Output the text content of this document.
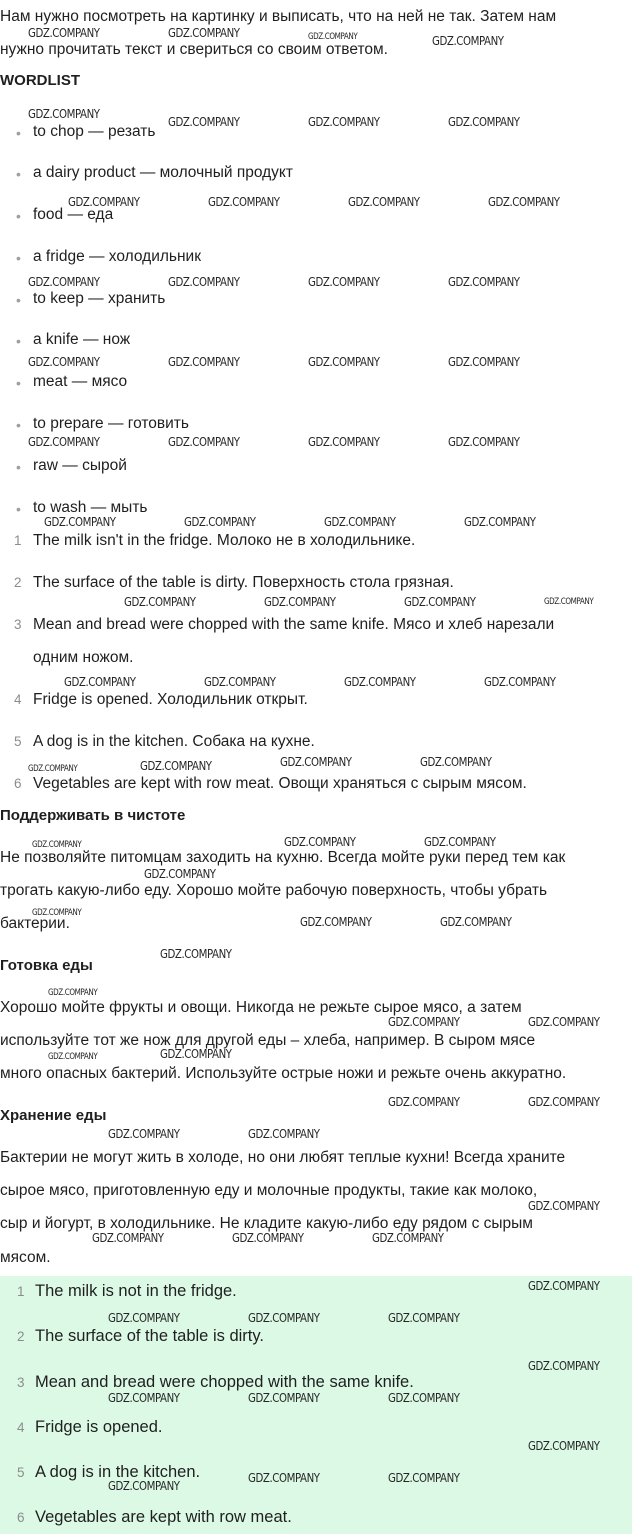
Нам нужно посмотреть на картинку и выписать, что на ней не так. Затем нам
нужно прочитать текст и свериться со своим ответом.
WORDLIST
• to chop — резать
• a dairy product — молочный продукт
• food — еда
• a fridge — холодильник
• to keep — хранить
• a knife — нож
• meat — мясо
• to prepare — готовить
• raw — сырой
• to wash — мыть
1 The milk isn't in the fridge. Молоко не в холодильнике.
2 The surface of the table is dirty. Поверхность стола грязная.
3 Mean and bread were chopped with the same knife. Мясо и хлеб нарезали
одним ножом.
4 Fridge is opened. Холодильник открыт.
5 A dog is in the kitchen. Собака на кухне.
6 Vegetables are kept with row meat. Овощи храняться с сырым мясом.
Поддерживать в чистоте
Не позволяйте питомцам заходить на кухню. Всегда мойте руки перед тем как
трогать какую-либо еду. Хорошо мойте рабочую поверхность, чтобы убрать
бактерии.
Готовка еды
Хорошо мойте фрукты и овощи. Никогда не режьте сырое мясо, а затем
используйте тот же нож для другой еды – хлеба, например. В сыром мясе
много опасных бактерий. Используйте острые ножи и режьте очень аккуратно.
Хранение еды
Бактерии не могут жить в холоде, но они любят теплые кухни! Всегда храните
сырое мясо, приготовленную еду и молочные продукты, такие как молоко,
сыр и йогурт, в холодильнике. Не кладите какую-либо еду рядом с сырым
мясом.
1 The milk is not in the fridge.
2 The surface of the table is dirty.
3 Mean and bread were chopped with the same knife.
4 Fridge is opened.
5 A dog is in the kitchen.
6 Vegetables are kept with row meat.
GDZ.COMPANY	GDZ.COMPANY	GDZ.COMPANY	GDZ.COMPANY
GDZ.COMPANY
GDZ.COMPANY	GDZ.COMPANY	GDZ.COMPANY
GDZ.COMPANY	GDZ.COMPANY	GDZ.COMPANY	GDZ.COMPANY
GDZ.COMPANY	GDZ.COMPANY	GDZ.COMPANY	GDZ.COMPANY
GDZ.COMPANY	GDZ.COMPANY	GDZ.COMPANY	GDZ.COMPANY
GDZ.COMPANY	GDZ.COMPANY	GDZ.COMPANY	GDZ.COMPANY
GDZ.COMPANY	GDZ.COMPANY	GDZ.COMPANY	GDZ.COMPANY
GDZ.COMPANY	GDZ.COMPANY	GDZ.COMPANY	GDZ.COMPANY
GDZ.COMPANY	GDZ.COMPANY	GDZ.COMPANY	GDZ.COMPANY
GDZ.COMPANY	GDZ.COMPANY	GDZ.COMPANY	GDZ.COMPANY
GDZ.COMPANY	GDZ.COMPANY	GDZ.COMPANY
GDZ.COMPANY
GDZ.COMPANY
GDZ.COMPANY	GDZ.COMPANY
GDZ.COMPANY
GDZ.COMPANY
GDZ.COMPANY	GDZ.COMPANY
GDZ.COMPANY	GDZ.COMPANY
GDZ.COMPANY	GDZ.COMPANY
GDZ.COMPANY	GDZ.COMPANY
GDZ.COMPANY
GDZ.COMPANY	GDZ.COMPANY	GDZ.COMPANY
GDZ.COMPANY
GDZ.COMPANY	GDZ.COMPANY	GDZ.COMPANY
GDZ.COMPANY
GDZ.COMPANY	GDZ.COMPANY	GDZ.COMPANY
GDZ.COMPANY
GDZ.COMPANY
GDZ.COMPANY	GDZ.COMPANY
